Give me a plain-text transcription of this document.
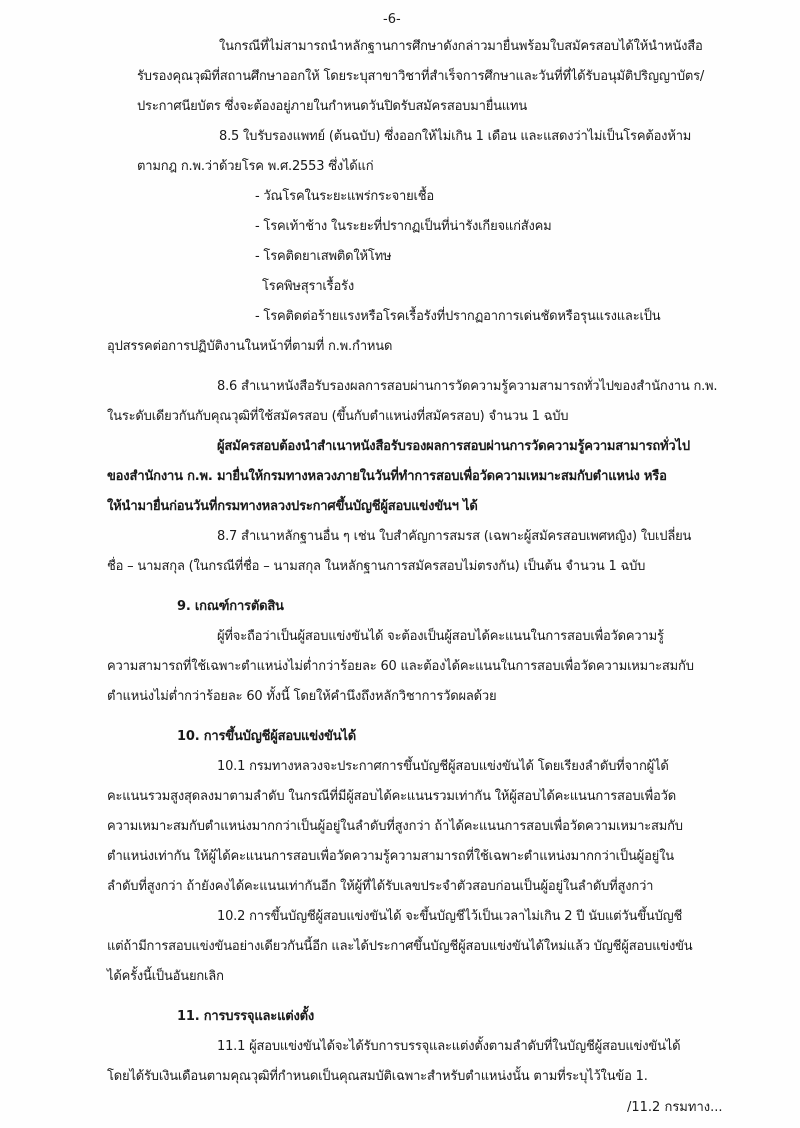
-6-
ในกรณีที่ไม่สามารถนำหลักฐานการศึกษาดังกล่าวมายื่นพร้อมใบสมัครสอบได้ให้นำหนังสือ
รับรองคุณวุฒิที่สถานศึกษาออกให้ โดยระบุสาขาวิชาที่สำเร็จการศึกษาและวันที่ที่ได้รับอนุมัติปริญญาบัตร/
ประกาศนียบัตร ซึ่งจะต้องอยู่ภายในกำหนดวันปิดรับสมัครสอบมายื่นแทน
8.5 ใบรับรองแพทย์ (ต้นฉบับ) ซึ่งออกให้ไม่เกิน 1 เดือน และแสดงว่าไม่เป็นโรคต้องห้าม
ตามกฎ ก.พ.ว่าด้วยโรค พ.ศ.2553 ซึ่งได้แก่
- วัณโรคในระยะแพร่กระจายเชื้อ
- โรคเท้าช้าง ในระยะที่ปรากฏเป็นที่น่ารังเกียจแก่สังคม
- โรคติดยาเสพติดให้โทษ
โรคพิษสุราเรื้อรัง
- โรคติดต่อร้ายแรงหรือโรคเรื้อรังที่ปรากฏอาการเด่นชัดหรือรุนแรงและเป็น
อุปสรรคต่อการปฏิบัติงานในหน้าที่ตามที่ ก.พ.กำหนด
8.6 สำเนาหนังสือรับรองผลการสอบผ่านการวัดความรู้ความสามารถทั่วไปของสำนักงาน ก.พ.
ในระดับเดียวกันกับคุณวุฒิที่ใช้สมัครสอบ (ขึ้นกับตำแหน่งที่สมัครสอบ) จำนวน 1 ฉบับ
ผู้สมัครสอบต้องนำสำเนาหนังสือรับรองผลการสอบผ่านการวัดความรู้ความสามารถทั่วไป
ของสำนักงาน ก.พ. มายื่นให้กรมทางหลวงภายในวันที่ทำการสอบเพื่อวัดความเหมาะสมกับตำแหน่ง หรือ
ให้นำมายื่นก่อนวันที่กรมทางหลวงประกาศขึ้นบัญชีผู้สอบแข่งขันฯ ได้
8.7 สำเนาหลักฐานอื่น ๆ เช่น ใบสำคัญการสมรส (เฉพาะผู้สมัครสอบเพศหญิง) ใบเปลี่ยน
ชื่อ – นามสกุล (ในกรณีที่ชื่อ – นามสกุล ในหลักฐานการสมัครสอบไม่ตรงกัน) เป็นต้น จำนวน 1 ฉบับ
9. เกณฑ์การตัดสิน
ผู้ที่จะถือว่าเป็นผู้สอบแข่งขันได้ จะต้องเป็นผู้สอบได้คะแนนในการสอบเพื่อวัดความรู้
ความสามารถที่ใช้เฉพาะตำแหน่งไม่ต่ำกว่าร้อยละ 60 และต้องได้คะแนนในการสอบเพื่อวัดความเหมาะสมกับ
ตำแหน่งไม่ต่ำกว่าร้อยละ 60 ทั้งนี้ โดยให้คำนึงถึงหลักวิชาการวัดผลด้วย
10. การขึ้นบัญชีผู้สอบแข่งขันได้
10.1 กรมทางหลวงจะประกาศการขึ้นบัญชีผู้สอบแข่งขันได้ โดยเรียงลำดับที่จากผู้ได้
คะแนนรวมสูงสุดลงมาตามลำดับ ในกรณีที่มีผู้สอบได้คะแนนรวมเท่ากัน ให้ผู้สอบได้คะแนนการสอบเพื่อวัด
ความเหมาะสมกับตำแหน่งมากกว่าเป็นผู้อยู่ในลำดับที่สูงกว่า ถ้าได้คะแนนการสอบเพื่อวัดความเหมาะสมกับ
ตำแหน่งเท่ากัน ให้ผู้ได้คะแนนการสอบเพื่อวัดความรู้ความสามารถที่ใช้เฉพาะตำแหน่งมากกว่าเป็นผู้อยู่ใน
ลำดับที่สูงกว่า ถ้ายังคงได้คะแนนเท่ากันอีก ให้ผู้ที่ได้รับเลขประจำตัวสอบก่อนเป็นผู้อยู่ในลำดับที่สูงกว่า
10.2 การขึ้นบัญชีผู้สอบแข่งขันได้ จะขึ้นบัญชีไว้เป็นเวลาไม่เกิน 2 ปี นับแต่วันขึ้นบัญชี
แต่ถ้ามีการสอบแข่งขันอย่างเดียวกันนี้อีก และได้ประกาศขึ้นบัญชีผู้สอบแข่งขันได้ใหม่แล้ว บัญชีผู้สอบแข่งขัน
ได้ครั้งนี้เป็นอันยกเลิก
11. การบรรจุและแต่งตั้ง
11.1 ผู้สอบแข่งขันได้จะได้รับการบรรจุและแต่งตั้งตามลำดับที่ในบัญชีผู้สอบแข่งขันได้
โดยได้รับเงินเดือนตามคุณวุฒิที่กำหนดเป็นคุณสมบัติเฉพาะสำหรับตำแหน่งนั้น ตามที่ระบุไว้ในข้อ 1.
/11.2 กรมทาง...
